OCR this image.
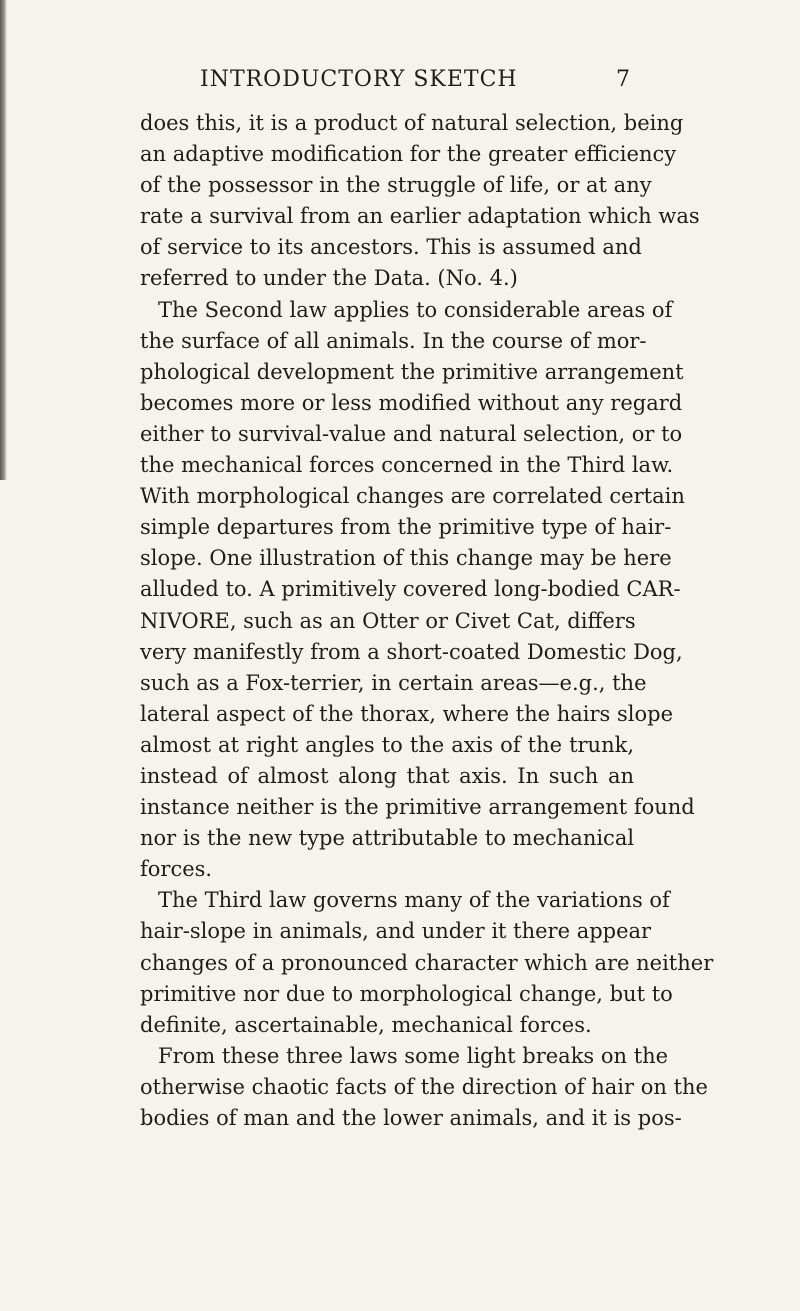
INTRODUCTORY SKETCH	7
does this, it is a product of natural selection, being
an adaptive modification for the greater efficiency
of the possessor in the struggle of life, or at any
rate a survival from an earlier adaptation which was
of service to its ancestors. This is assumed and
referred to under the Data. (No. 4.)
The Second law applies to considerable areas of
the surface of all animals. In the course of mor-
phological development the primitive arrangement
becomes more or less modified without any regard
either to survival-value and natural selection, or to
the mechanical forces concerned in the Third law.
With morphological changes are correlated certain
simple departures from the primitive type of hair-
slope. One illustration of this change may be here
alluded to. A primitively covered long-bodied CAR-
NIVORE, such as an Otter or Civet Cat, differs
very manifestly from a short-coated Domestic Dog,
such as a Fox-terrier, in certain areas—e.g., the
lateral aspect of the thorax, where the hairs slope
almost at right angles to the axis of the trunk,
instead of almost along that axis. In such an
instance neither is the primitive arrangement found
nor is the new type attributable to mechanical
forces.
The Third law governs many of the variations of
hair-slope in animals, and under it there appear
changes of a pronounced character which are neither
primitive nor due to morphological change, but to
definite, ascertainable, mechanical forces.
From these three laws some light breaks on the
otherwise chaotic facts of the direction of hair on the
bodies of man and the lower animals, and it is pos-
